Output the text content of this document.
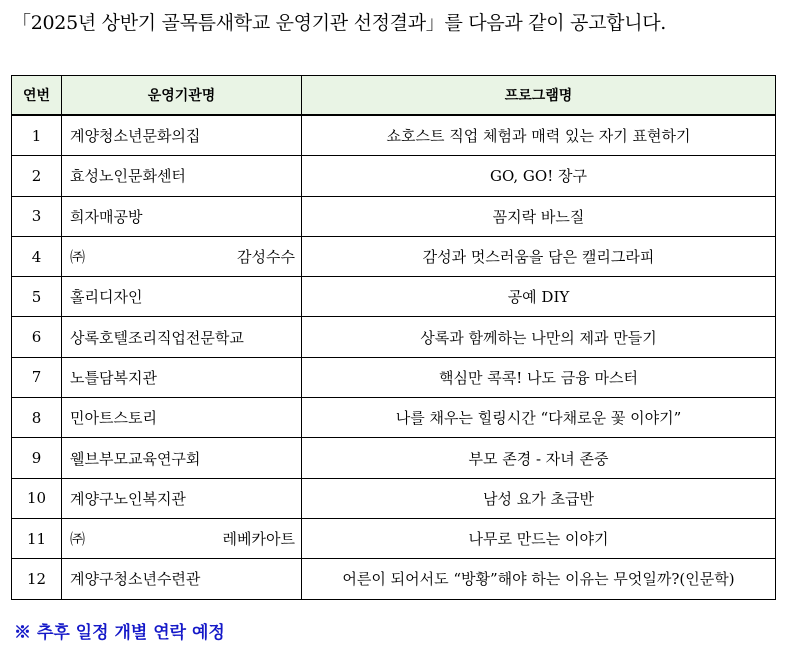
「2025년 상반기 골목틈새학교 운영기관 선정결과」를 다음과 같이 공고합니다.
연번	운영기관명	프로그램명
1	계양청소년문화의집	쇼호스트 직업 체험과 매력 있는 자기 표현하기
2	효성노인문화센터	GO, GO! 장구
3	희자매공방	꼼지락 바느질
4	㈜감성수수	감성과 멋스러움을 담은 캘리그라피
5	홀리디자인	공예 DIY
6	상록호텔조리직업전문학교	상록과 함께하는 나만의 제과 만들기
7	노틀담복지관	핵심만 콕콕! 나도 금융 마스터
8	민아트스토리	나를 채우는 힐링시간 “다채로운 꽃 이야기”
9	웰브부모교육연구회	부모 존경 - 자녀 존중
10	계양구노인복지관	남성 요가 초급반
11	㈜레베카아트	나무로 만드는 이야기
12	계양구청소년수련관	어른이 되어서도 “방황”해야 하는 이유는 무엇일까?(인문학)
※ 추후 일정 개별 연락 예정
